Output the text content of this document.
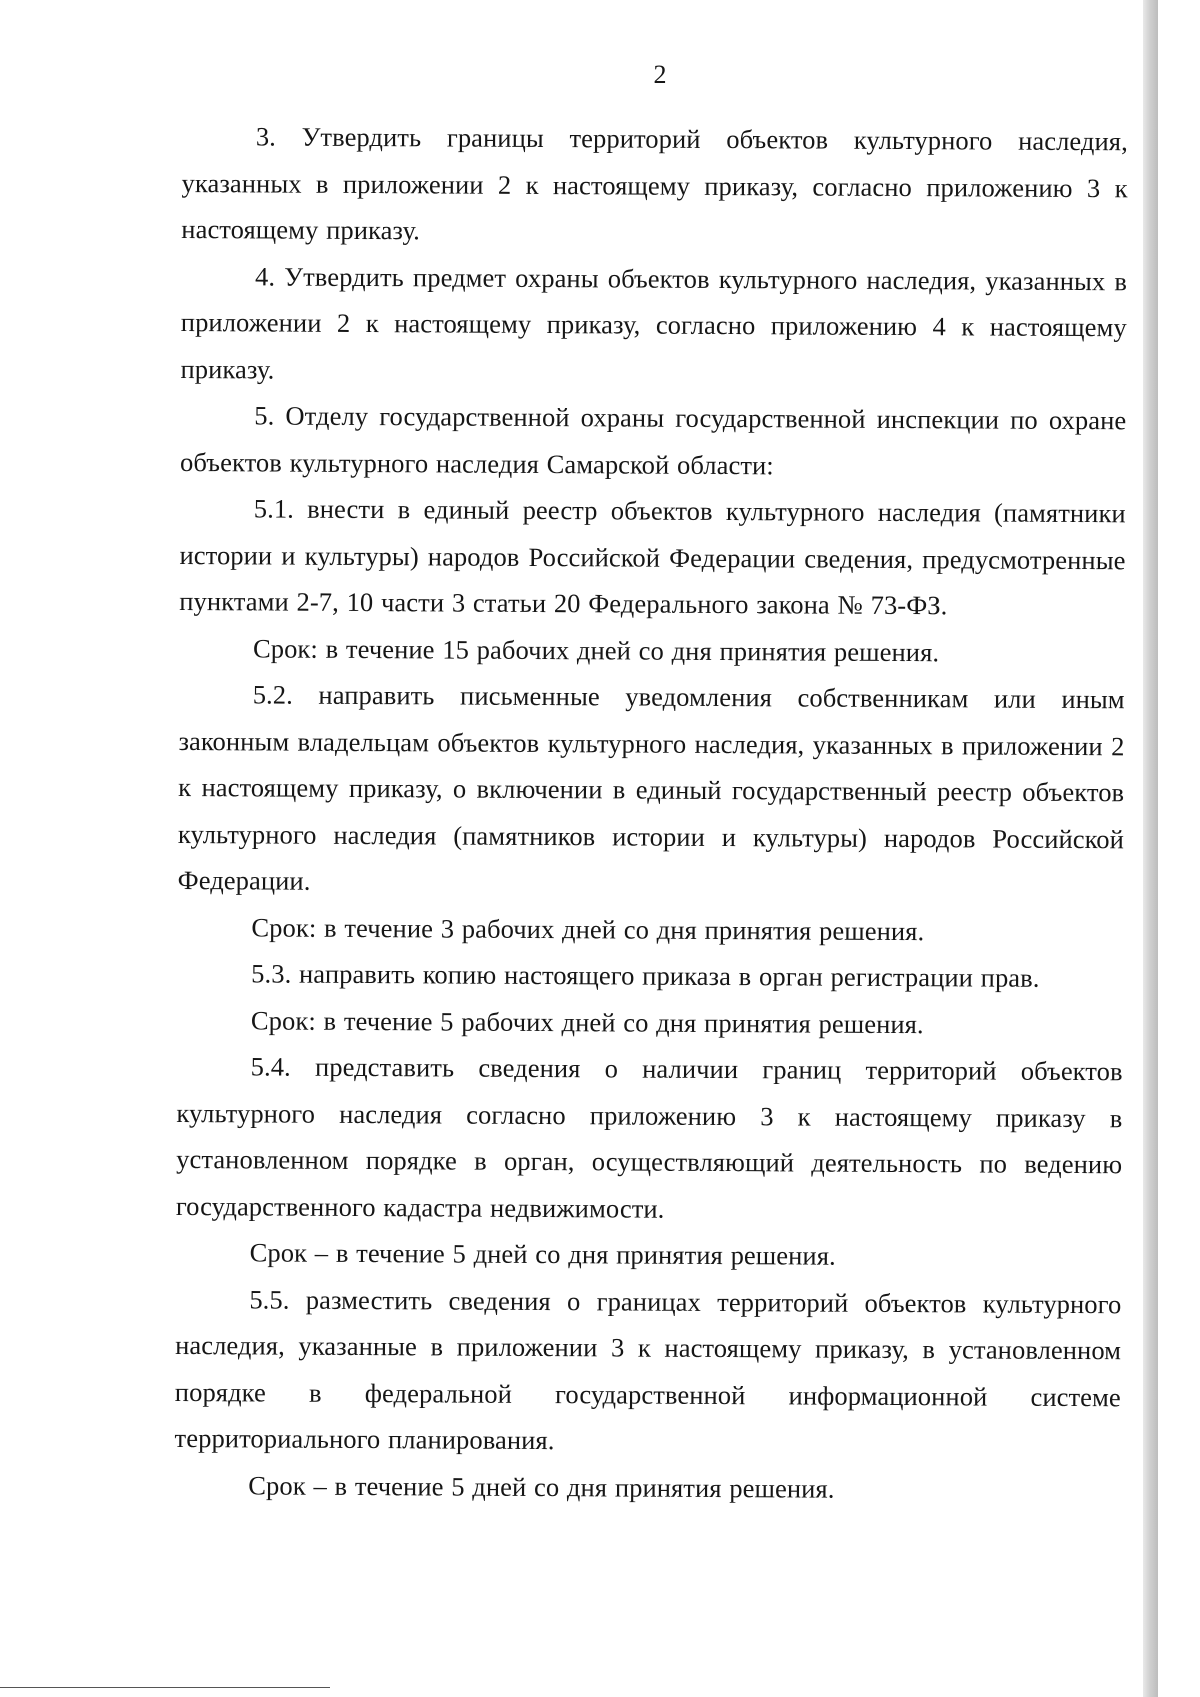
2

3. Утвердить границы территорий объектов культурного наследия, указанных в приложении 2 к настоящему приказу, согласно приложению 3 к настоящему приказу.

4. Утвердить предмет охраны объектов культурного наследия, указанных в приложении 2 к настоящему приказу, согласно приложению 4 к настоящему приказу.

5. Отделу государственной охраны государственной инспекции по охране объектов культурного наследия Самарской области:

5.1. внести в единый реестр объектов культурного наследия (памятники истории и культуры) народов Российской Федерации сведения, предусмотренные пунктами 2-7, 10 части 3 статьи 20 Федерального закона № 73-ФЗ.

Срок: в течение 15 рабочих дней со дня принятия решения.

5.2. направить письменные уведомления собственникам или иным законным владельцам объектов культурного наследия, указанных в приложении 2 к настоящему приказу, о включении в единый государственный реестр объектов культурного наследия (памятников истории и культуры) народов Российской Федерации.

Срок: в течение 3 рабочих дней со дня принятия решения.

5.3. направить копию настоящего приказа в орган регистрации прав.

Срок: в течение 5 рабочих дней со дня принятия решения.

5.4. представить сведения о наличии границ территорий объектов культурного наследия согласно приложению 3 к настоящему приказу в установленном порядке в орган, осуществляющий деятельность по ведению государственного кадастра недвижимости.

Срок – в течение 5 дней со дня принятия решения.

5.5. разместить сведения о границах территорий объектов культурного наследия, указанные в приложении 3 к настоящему приказу, в установленном порядке в федеральной государственной информационной системе территориального планирования.

Срок – в течение 5 дней со дня принятия решения.
